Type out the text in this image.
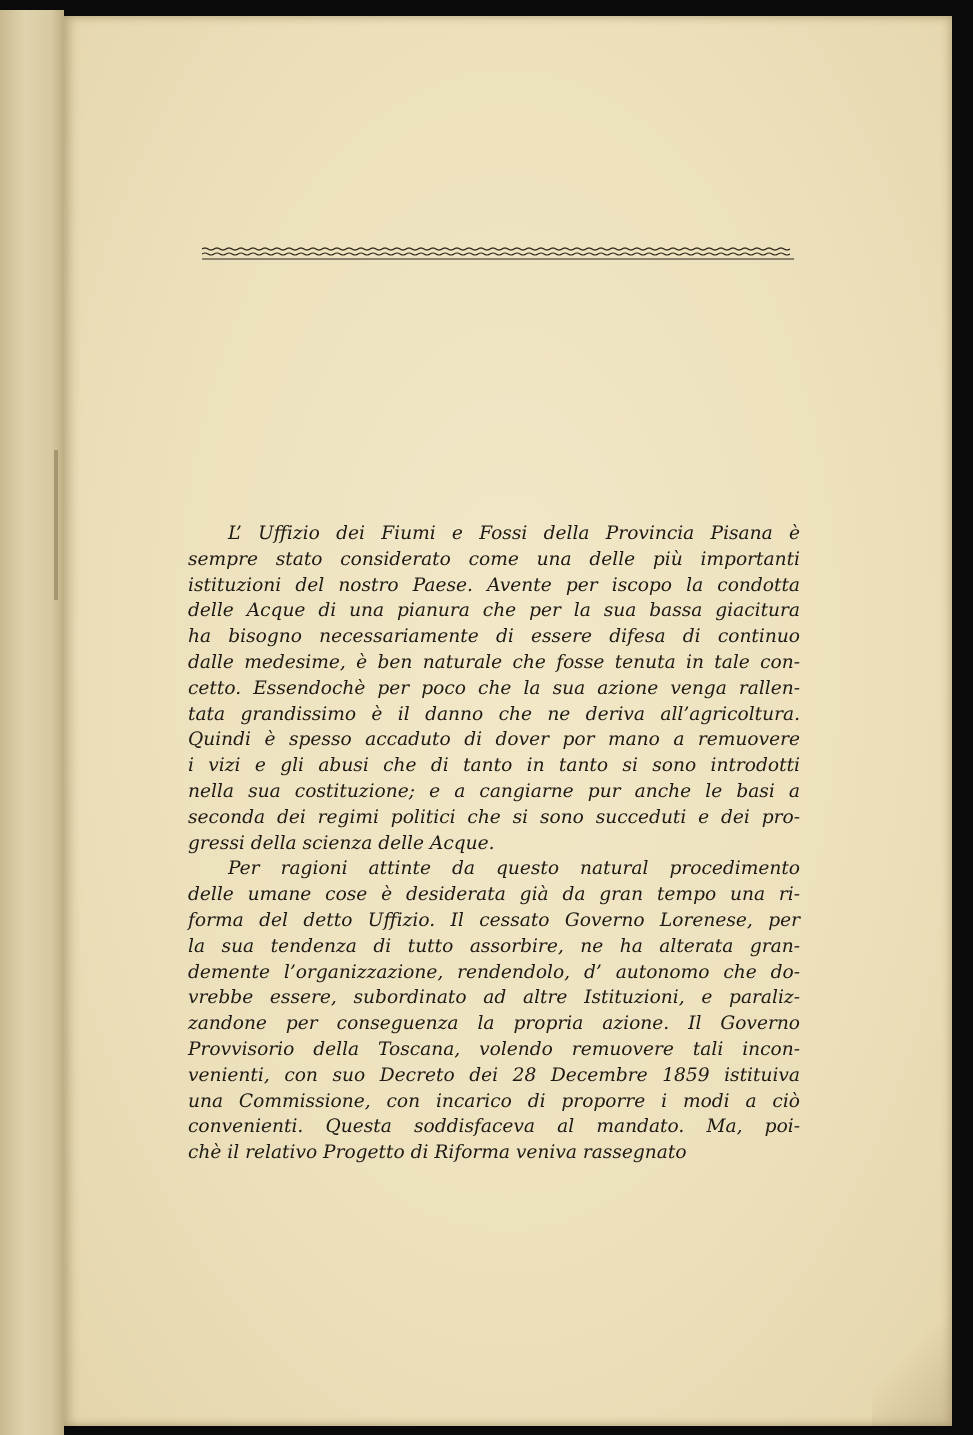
L’ Uffizio dei Fiumi e Fossi della Provincia Pisana è
sempre stato considerato come una delle più importanti
istituzioni del nostro Paese. Avente per iscopo la condotta
delle Acque di una pianura che per la sua bassa giacitura
ha bisogno necessariamente di essere difesa di continuo
dalle medesime, è ben naturale che fosse tenuta in tale con-
cetto. Essendochè per poco che la sua azione venga rallen-
tata grandissimo è il danno che ne deriva all’agricoltura.
Quindi è spesso accaduto di dover por mano a remuovere
i vizi e gli abusi che di tanto in tanto si sono introdotti
nella sua costituzione; e a cangiarne pur anche le basi a
seconda dei regimi politici che si sono succeduti e dei pro-
gressi della scienza delle Acque.

Per ragioni attinte da questo natural procedimento
delle umane cose è desiderata già da gran tempo una ri-
forma del detto Uffizio. Il cessato Governo Lorenese, per
la sua tendenza di tutto assorbire, ne ha alterata gran-
demente l’organizzazione, rendendolo, d’ autonomo che do-
vrebbe essere, subordinato ad altre Istituzioni, e paraliz-
zandone per conseguenza la propria azione. Il Governo
Provvisorio della Toscana, volendo remuovere tali incon-
venienti, con suo Decreto dei 28 Decembre 1859 istituiva
una Commissione, con incarico di proporre i modi a ciò
convenienti. Questa soddisfaceva al mandato. Ma, poi-
chè il relativo Progetto di Riforma veniva rassegnato
